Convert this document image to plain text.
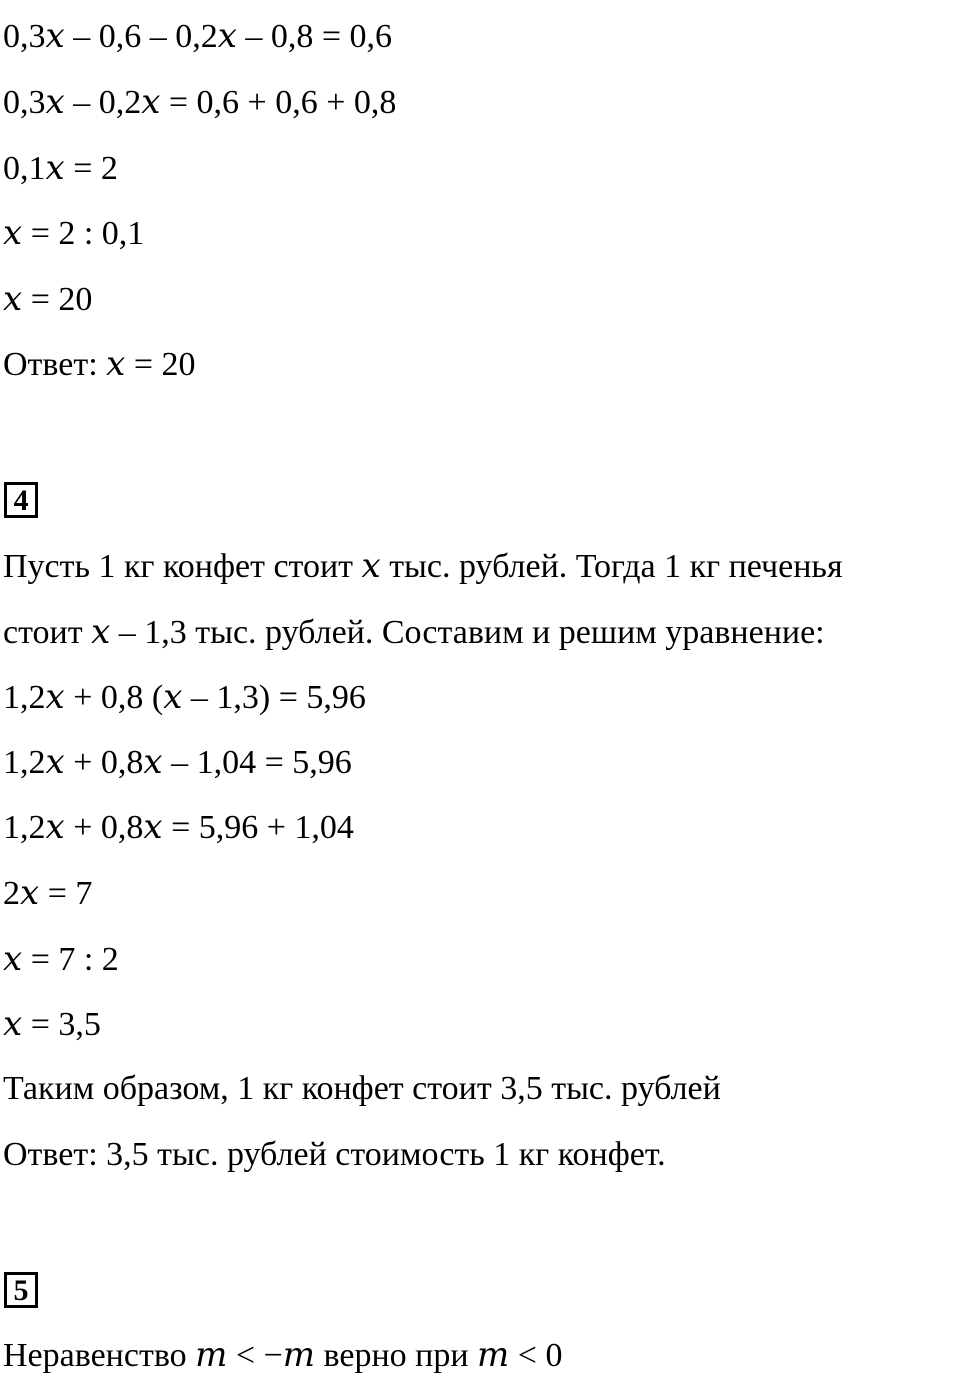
0,3x – 0,6 – 0,2x – 0,8 = 0,6
0,3x – 0,2x = 0,6 + 0,6 + 0,8
0,1x = 2
x = 2 : 0,1
x = 20
Ответ: x = 20
4
Пусть 1 кг конфет стоит x тыс. рублей. Тогда 1 кг печенья
стоит x – 1,3 тыс. рублей. Составим и решим уравнение:
1,2x + 0,8 (x – 1,3) = 5,96
1,2x + 0,8x – 1,04 = 5,96
1,2x + 0,8x = 5,96 + 1,04
2x = 7
x = 7 : 2
x = 3,5
Таким образом, 1 кг конфет стоит 3,5 тыс. рублей
Ответ: 3,5 тыс. рублей стоимость 1 кг конфет.
5
Неравенство m < −m верно при m < 0
